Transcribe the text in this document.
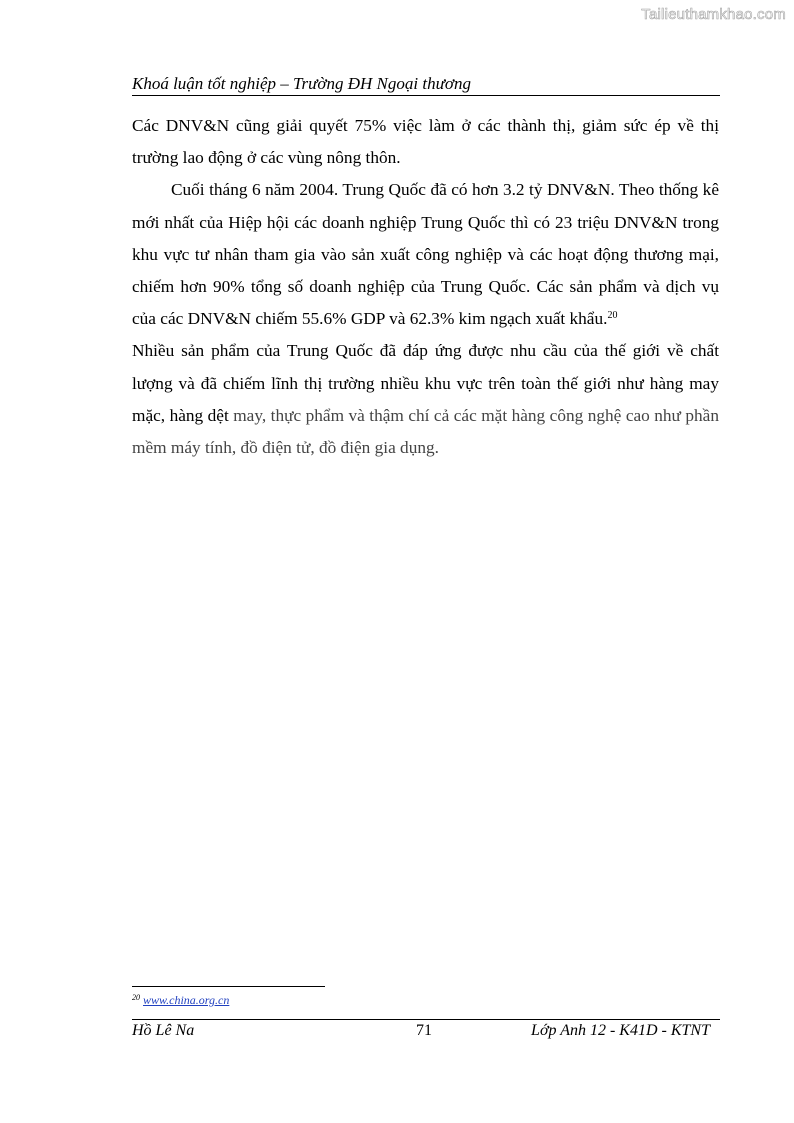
Tailieuthamkhao.com
Khoá luận tốt nghiệp – Trường ĐH Ngoại thương

Các DNV&N cũng giải quyết 75% việc làm ở các thành thị, giảm sức ép về thị trường lao động ở các vùng nông thôn.

Cuối tháng 6 năm 2004. Trung Quốc đã có hơn 3.2 tỷ DNV&N. Theo thống kê mới nhất của Hiệp hội các doanh nghiệp Trung Quốc thì có 23 triệu DNV&N trong khu vực tư nhân tham gia vào sản xuất công nghiệp và các hoạt động thương mại, chiếm hơn 90% tổng số doanh nghiệp của Trung Quốc. Các sản phẩm và dịch vụ của các DNV&N chiếm 55.6% GDP và 62.3% kim ngạch xuất khẩu.$^{20}$

Nhiều sản phẩm của Trung Quốc đã đáp ứng được nhu cầu của thế giới về chất lượng và đã chiếm lĩnh thị trường nhiều khu vực trên toàn thế giới như hàng may mặc, hàng dệt may, thực phẩm và thậm chí cả các mặt hàng công nghệ cao như phần mềm máy tính, đồ điện tử, đồ điện gia dụng.

$^{20}$ www.china.org.cn
Hồ Lê Na	71	Lớp Anh 12 - K41D - KTNT
